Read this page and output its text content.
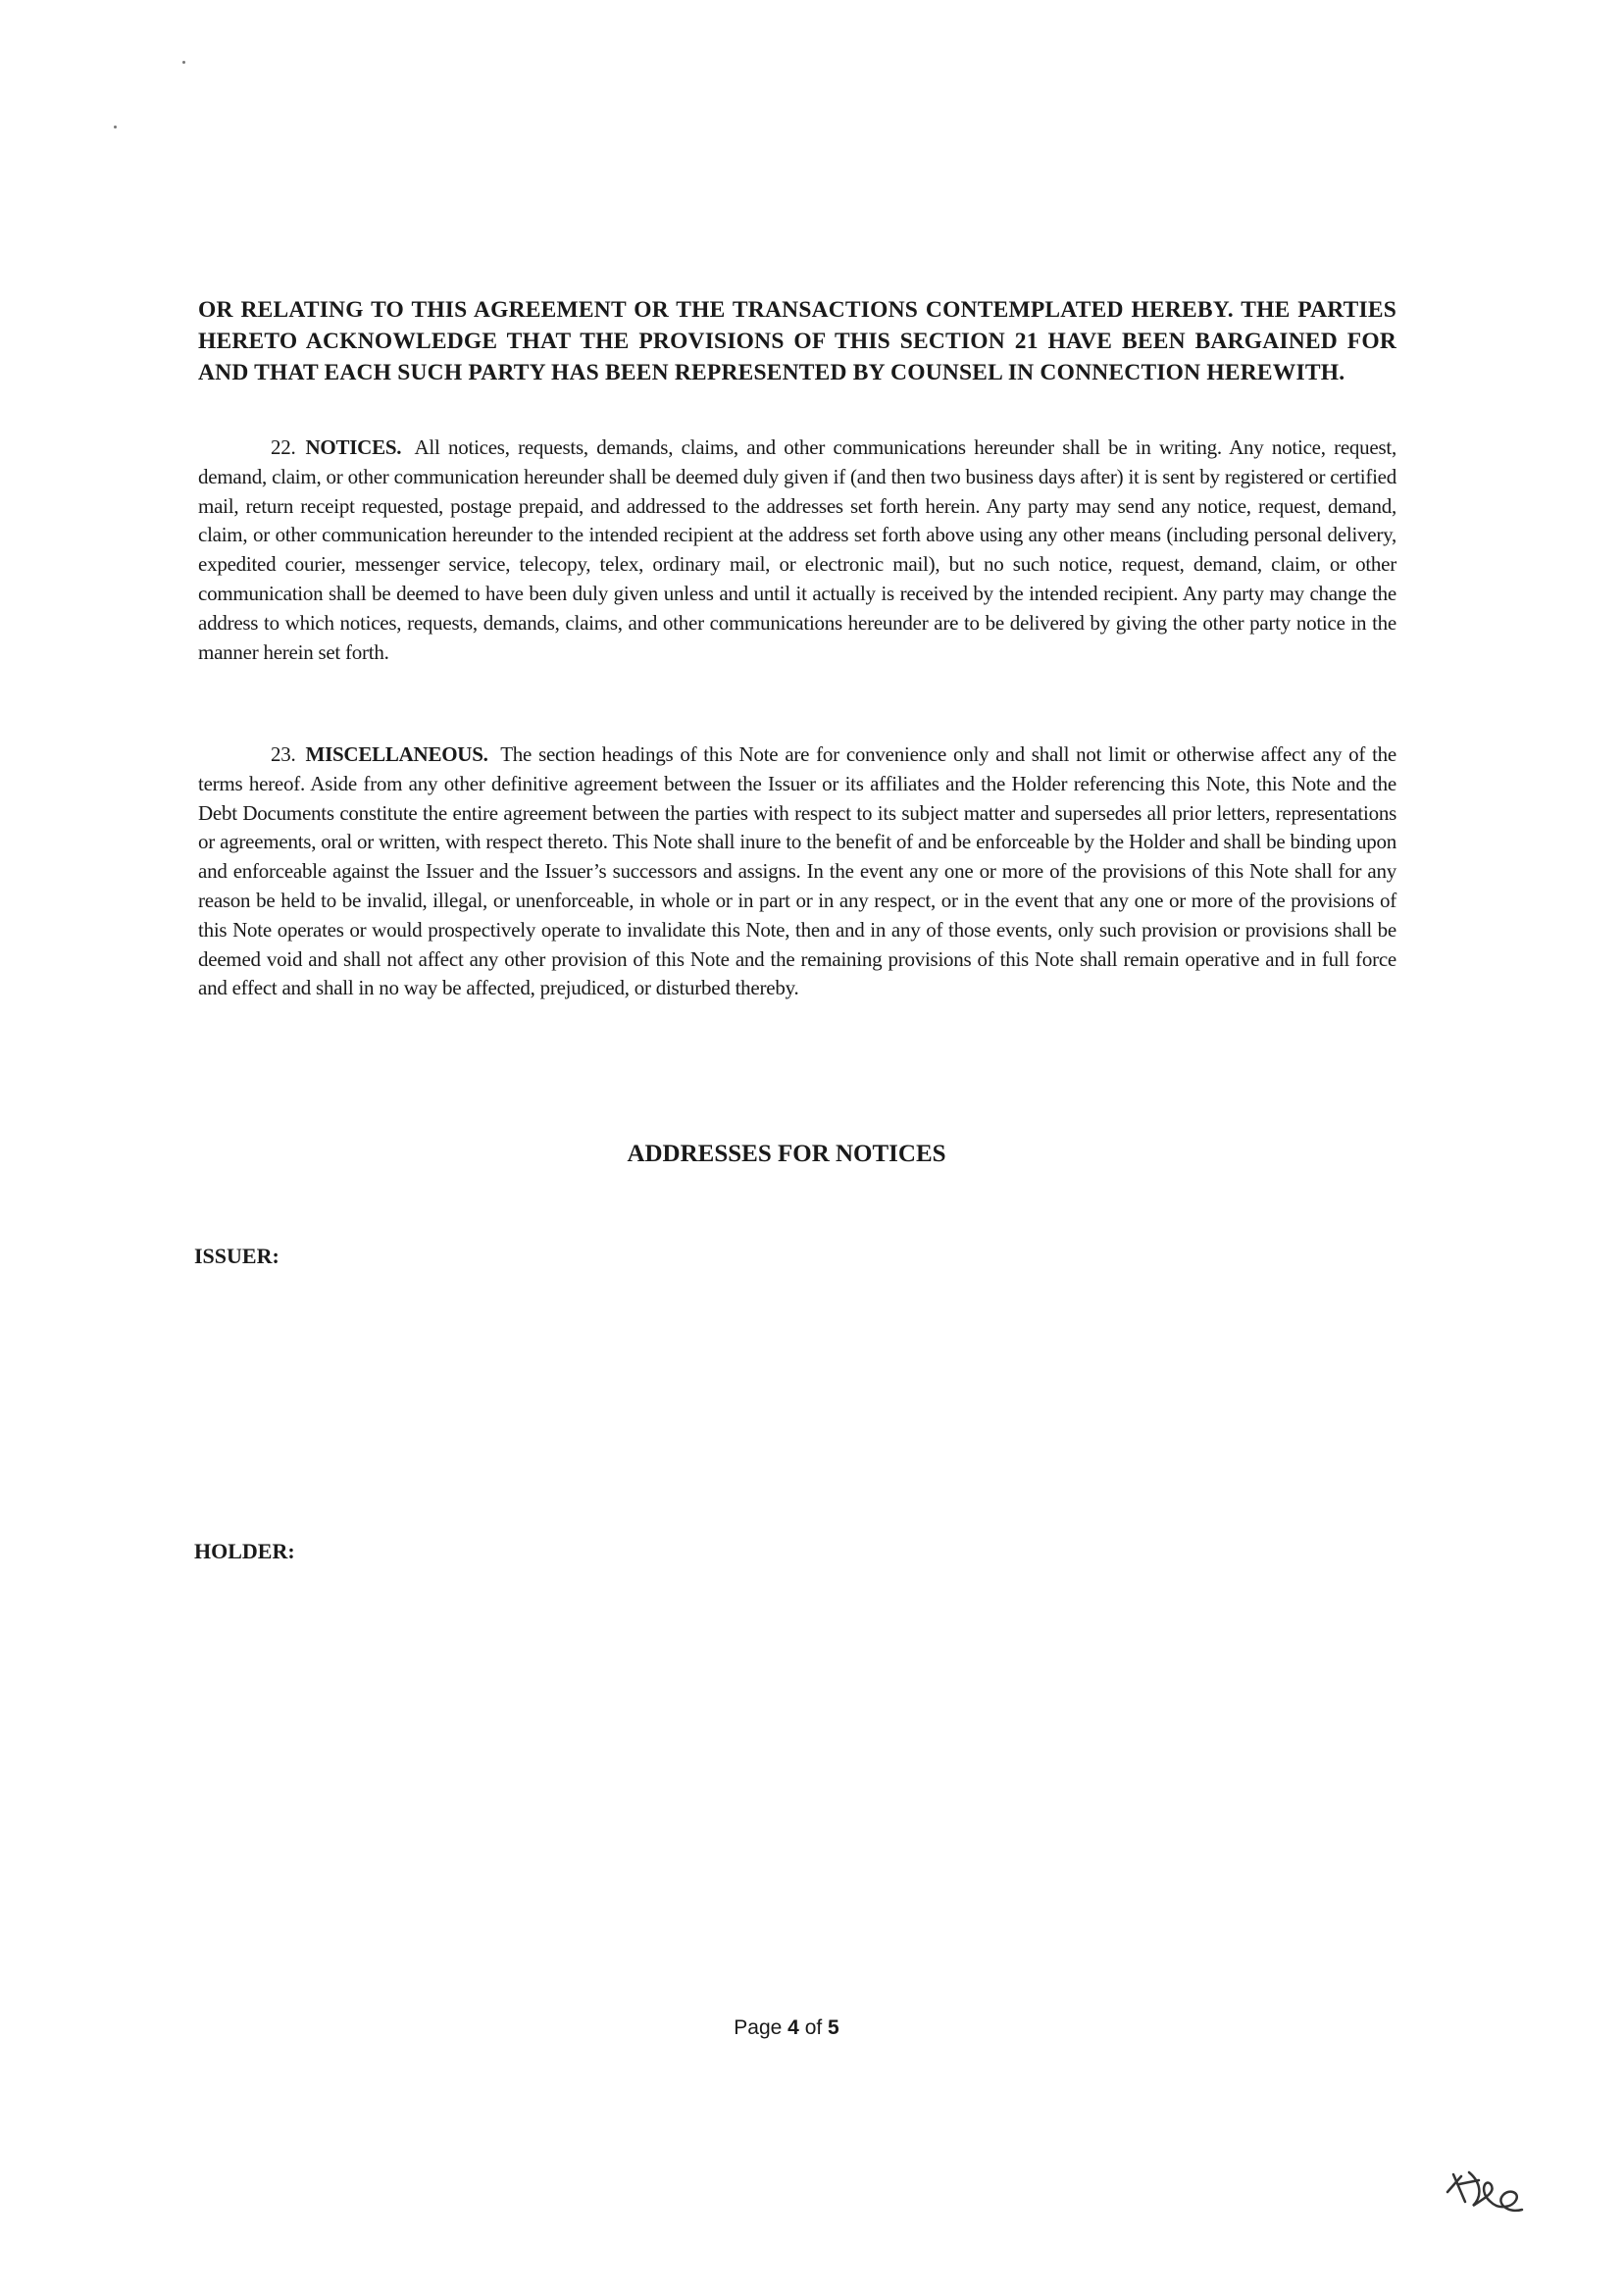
OR RELATING TO THIS AGREEMENT OR THE TRANSACTIONS CONTEMPLATED HEREBY. THE PARTIES HERETO ACKNOWLEDGE THAT THE PROVISIONS OF THIS SECTION 21 HAVE BEEN BARGAINED FOR AND THAT EACH SUCH PARTY HAS BEEN REPRESENTED BY COUNSEL IN CONNECTION HEREWITH.
22. NOTICES. All notices, requests, demands, claims, and other communications hereunder shall be in writing. Any notice, request, demand, claim, or other communication hereunder shall be deemed duly given if (and then two business days after) it is sent by registered or certified mail, return receipt requested, postage prepaid, and addressed to the addresses set forth herein. Any party may send any notice, request, demand, claim, or other communication hereunder to the intended recipient at the address set forth above using any other means (including personal delivery, expedited courier, messenger service, telecopy, telex, ordinary mail, or electronic mail), but no such notice, request, demand, claim, or other communication shall be deemed to have been duly given unless and until it actually is received by the intended recipient. Any party may change the address to which notices, requests, demands, claims, and other communications hereunder are to be delivered by giving the other party notice in the manner herein set forth.
23. MISCELLANEOUS. The section headings of this Note are for convenience only and shall not limit or otherwise affect any of the terms hereof. Aside from any other definitive agreement between the Issuer or its affiliates and the Holder referencing this Note, this Note and the Debt Documents constitute the entire agreement between the parties with respect to its subject matter and supersedes all prior letters, representations or agreements, oral or written, with respect thereto. This Note shall inure to the benefit of and be enforceable by the Holder and shall be binding upon and enforceable against the Issuer and the Issuer’s successors and assigns. In the event any one or more of the provisions of this Note shall for any reason be held to be invalid, illegal, or unenforceable, in whole or in part or in any respect, or in the event that any one or more of the provisions of this Note operates or would prospectively operate to invalidate this Note, then and in any of those events, only such provision or provisions shall be deemed void and shall not affect any other provision of this Note and the remaining provisions of this Note shall remain operative and in full force and effect and shall in no way be affected, prejudiced, or disturbed thereby.
ADDRESSES FOR NOTICES
ISSUER:
HOLDER:
Page 4 of 5
